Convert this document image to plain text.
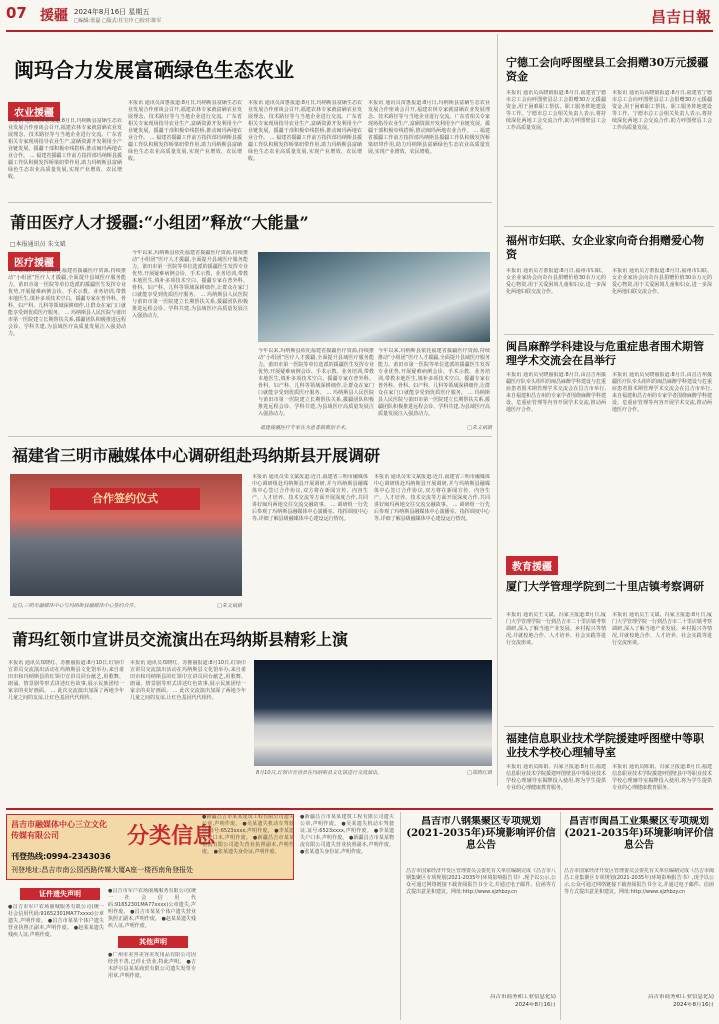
07 援疆 2024年8月16日 星期五
□编辑:张磊 □版式:任宝玲 □校对:陈军	昌吉日報
闽玛合力发展富硒绿色生态农业
农业援疆
本报讯 通讯员苗惠报道:8月日,玛纳斯县富硒生态农业发展合作座谈会召开,福建农林专家就富硒农业发展理念、技术路径等与当地企业进行交流。广东省相关专家现场指导农业生产,富硒资源开发利用全产业链发展。援疆干部积极牵线搭桥,推动闽玛两地农业合作。 ... 福建省援疆工作前方指挥部玛纳斯县援疆工作队积极发挥桥梁纽带作用,助力玛纳斯县富硒绿色生态农业高质量发展,实现产业增效、农民增收。
本报讯 通讯员苗惠报道:8月日,玛纳斯县富硒生态农业发展合作座谈会召开,福建农林专家就富硒农业发展理念、技术路径等与当地企业进行交流。广东省相关专家现场指导农业生产,富硒资源开发利用全产业链发展。援疆干部积极牵线搭桥,推动闽玛两地农业合作。 ... 福建省援疆工作前方指挥部玛纳斯县援疆工作队积极发挥桥梁纽带作用,助力玛纳斯县富硒绿色生态农业高质量发展,实现产业增效、农民增收。
本报讯 通讯员苗惠报道:8月日,玛纳斯县富硒生态农业发展合作座谈会召开,福建农林专家就富硒农业发展理念、技术路径等与当地企业进行交流。广东省相关专家现场指导农业生产,富硒资源开发利用全产业链发展。援疆干部积极牵线搭桥,推动闽玛两地农业合作。 ... 福建省援疆工作前方指挥部玛纳斯县援疆工作队积极发挥桥梁纽带作用,助力玛纳斯县富硒绿色生态农业高质量发展,实现产业增效、农民增收。
本报讯 通讯员苗惠报道:8月日,玛纳斯县富硒生态农业发展合作座谈会召开,福建农林专家就富硒农业发展理念、技术路径等与当地企业进行交流。广东省相关专家现场指导农业生产,富硒资源开发利用全产业链发展。援疆干部积极牵线搭桥,推动闽玛两地农业合作。 ... 福建省援疆工作前方指挥部玛纳斯县援疆工作队积极发挥桥梁纽带作用,助力玛纳斯县富硒绿色生态农业高质量发展,实现产业增效、农民增收。
莆田医疗人才援疆:“小组团”释放“大能量”
□本报通讯员 朱文斌
医疗援疆
今年以来,玛纳斯县依托福建省援疆医疗资源,持续推动“小组团”医疗人才援疆,全面提升县域医疗服务能力。莆田市第一医院等单位选派的援疆医生发挥专业优势,开展疑难病例会诊、手术示教、业务培训,带教本地医生,填补多项技术空白。援疆专家在普外科、骨科、妇产科、儿科等领域深耕细作,让群众在家门口就能享受到优质医疗服务。 ... 玛纳斯县人民医院与莆田市第一医院建立长期帮扶关系,援疆团队积极推进远程会诊、学科共建,为县域医疗高质量发展注入强劲动力。
今年以来,玛纳斯县依托福建省援疆医疗资源,持续推动“小组团”医疗人才援疆,全面提升县域医疗服务能力。莆田市第一医院等单位选派的援疆医生发挥专业优势,开展疑难病例会诊、手术示教、业务培训,带教本地医生,填补多项技术空白。援疆专家在普外科、骨科、妇产科、儿科等领域深耕细作,让群众在家门口就能享受到优质医疗服务。 ... 玛纳斯县人民医院与莆田市第一医院建立长期帮扶关系,援疆团队积极推进远程会诊、学科共建,为县域医疗高质量发展注入强劲动力。
今年以来,玛纳斯县依托福建省援疆医疗资源,持续推动“小组团”医疗人才援疆,全面提升县域医疗服务能力。莆田市第一医院等单位选派的援疆医生发挥专业优势,开展疑难病例会诊、手术示教、业务培训,带教本地医生,填补多项技术空白。援疆专家在普外科、骨科、妇产科、儿科等领域深耕细作,让群众在家门口就能享受到优质医疗服务。 ... 玛纳斯县人民医院与莆田市第一医院建立长期帮扶关系,援疆团队积极推进远程会诊、学科共建,为县域医疗高质量发展注入强劲动力。
今年以来,玛纳斯县依托福建省援疆医疗资源,持续推动“小组团”医疗人才援疆,全面提升县域医疗服务能力。莆田市第一医院等单位选派的援疆医生发挥专业优势,开展疑难病例会诊、手术示教、业务培训,带教本地医生,填补多项技术空白。援疆专家在普外科、骨科、妇产科、儿科等领域深耕细作,让群众在家门口就能享受到优质医疗服务。 ... 玛纳斯县人民医院与莆田市第一医院建立长期帮扶关系,援疆团队积极推进远程会诊、学科共建,为县域医疗高质量发展注入强劲动力。
福建援疆医疗专家在为患者做微创手术。	□朱文斌摄
福建省三明市融媒体中心调研组赴玛纳斯县开展调研
合作签约仪式
近日,三明市融媒体中心与玛纳斯县融媒体中心签约合作。	□朱文斌摄
本报讯 通讯员朱文斌报道:近日,福建省三明市融媒体中心调研组赴玛纳斯县开展调研,并与玛纳斯县融媒体中心签订合作协议,双方将在新闻宣传、内容生产、人才培养、技术交流等方面开展深度合作,共同讲好闽玛两地交往交流交融故事。 ... 调研组一行先后参观了玛纳斯县融媒体中心演播室、指挥调度中心等,详细了解县级融媒体中心建设运行情况。
本报讯 通讯员朱文斌报道:近日,福建省三明市融媒体中心调研组赴玛纳斯县开展调研,并与玛纳斯县融媒体中心签订合作协议,双方将在新闻宣传、内容生产、人才培养、技术交流等方面开展深度合作,共同讲好闽玛两地交往交流交融故事。 ... 调研组一行先后参观了玛纳斯县融媒体中心演播室、指挥调度中心等,详细了解县级融媒体中心建设运行情况。
莆玛红领巾宣讲员交流演出在玛纳斯县精彩上演
本报讯 通讯员郑晓红、苏雅丽报道:8月10日,红领巾宣讲员交流演出活动在玛纳斯县文化馆举办,来自莆田市和玛纳斯县的红领巾宣讲员同台献艺,用歌舞、朗诵、情景剧等形式讲述红色故事,展示民族团结一家亲的美好画面。 ... 此次交流演出加深了两地少年儿童之间的友谊,让红色基因代代相传。
本报讯 通讯员郑晓红、苏雅丽报道:8月10日,红领巾宣讲员交流演出活动在玛纳斯县文化馆举办,来自莆田市和玛纳斯县的红领巾宣讲员同台献艺,用歌舞、朗诵、情景剧等形式讲述红色故事,展示民族团结一家亲的美好画面。 ... 此次交流演出加深了两地少年儿童之间的友谊,让红色基因代代相传。
8月10日,红领巾宣讲员在玛纳斯县文化馆进行交流演出。	□郑晓红摄
宁德工会向呼图壁县工会捐赠30万元援疆资金
本报讯 通讯员高晓娟报道:8月日,福建省宁德市总工会向呼图壁县总工会捐赠30万元援疆资金,用于困难职工帮扶、职工服务阵地建设等工作。宁德市总工会相关负责人表示,将持续深化两地工会交流合作,助力呼图壁县工会工作高质量发展。
本报讯 通讯员高晓娟报道:8月日,福建省宁德市总工会向呼图壁县总工会捐赠30万元援疆资金,用于困难职工帮扶、职工服务阵地建设等工作。宁德市总工会相关负责人表示,将持续深化两地工会交流合作,助力呼图壁县工会工作高质量发展。
福州市妇联、女企业家向奇台捐赠爱心物资
本报讯 通讯员方蕾报道:8月日,福州市妇联、女企业家协会向奇台县捐赠价值30余万元的爱心物资,用于关爱困境儿童和妇女,进一步深化两地妇联交流合作。
本报讯 通讯员方蕾报道:8月日,福州市妇联、女企业家协会向奇台县捐赠价值30余万元的爱心物资,用于关爱困境儿童和妇女,进一步深化两地妇联交流合作。
闽昌麻醉学科建设与危重症患者围术期管理学术交流会在昌举行
本报讯 通讯员吴晓丽报道:8月日,由昌吉州援疆医疗队牵头组织的闽昌麻醉学科建设与危重症患者围术期管理学术交流会在昌吉市举行,来自福建和昌吉州的专家学者围绕麻醉学科建设、危重症管理等内容开展学术交流,推动两地医疗合作。
本报讯 通讯员吴晓丽报道:8月日,由昌吉州援疆医疗队牵头组织的闽昌麻醉学科建设与危重症患者围术期管理学术交流会在昌吉市举行,来自福建和昌吉州的专家学者围绕麻醉学科建设、危重症管理等内容开展学术交流,推动两地医疗合作。
教育援疆
厦门大学管理学院到二十里店镇考察调研
本报讯 通讯员王文斌、冯家卫报道:8月日,厦门大学管理学院一行到昌吉市二十里店镇考察调研,深入了解当地产业发展、乡村振兴等情况,并就校地合作、人才培养、社会实践等进行交流座谈。
本报讯 通讯员王文斌、冯家卫报道:8月日,厦门大学管理学院一行到昌吉市二十里店镇考察调研,深入了解当地产业发展、乡村振兴等情况,并就校地合作、人才培养、社会实践等进行交流座谈。
福建信息职业技术学院援建呼图壁中等职业技术学校心理辅导室
本报讯 通讯员陈娟、冯家卫报道:8月日,福建信息职业技术学院援建呼图壁县中等职业技术学校心理辅导室揭牌投入使用,将为学生提供专业的心理健康教育服务。
本报讯 通讯员陈娟、冯家卫报道:8月日,福建信息职业技术学院援建呼图壁县中等职业技术学校心理辅导室揭牌投入使用,将为学生提供专业的心理健康教育服务。
昌吉市融媒体中心三立文化传媒有限公司	分类信息
刊登热线:0994-2343036
刊登地址:昌吉市南公园西路传媒大厦A座一楼西南角登报处
证件遗失声明
●昌吉市军户农场丽城服务有限公司(统一社会信用代码:91652301MA77xxxx)公章遗失,声明作废。 ●昌吉市某某个体户遗失营业执照正副本,声明作废。 ●赵某某遗失残疾人证,声明作废。
●昌吉市军户农场丽城服务有限公司(统一社会信用代码:91652301MA77xxxx)公章遗失,声明作废。 ●昌吉市某某个体户遗失营业执照正副本,声明作废。 ●赵某某遗失残疾人证,声明作废。
其他声明
●广州市美容美容美发用品有限公司因经营不善,已停止营业,特此声明。 ●吉木萨尔县某某商贸有限公司遗失发票专用章,声明作废。
●新疆昌吉市某某建筑工程有限公司遗失公章,声明作废。 ●吴某遗失机动车驾驶证,证号:6523xxxx,声明作废。 ●李某遗失户口本,声明作废。 ●新疆昌吉市某某物流有限公司遗失营业执照副本,声明作废。 ●张某遗失身份证,声明作废。
●新疆昌吉市某某建筑工程有限公司遗失公章,声明作废。 ●吴某遗失机动车驾驶证,证号:6523xxxx,声明作废。 ●李某遗失户口本,声明作废。 ●新疆昌吉市某某物流有限公司遗失营业执照副本,声明作废。 ●张某遗失身份证,声明作废。
昌吉市八钢集聚区专项规划(2021-2035年)环境影响评价信息公告
昌吉市国家经济开发区管理委员会委托有关单位编制完成《昌吉市八钢集聚区专项规划(2021-2035年)环境影响报告书》,现予以公示,公众可通过网络链接下载查阅报告书全文,并通过电子邮件、信函等方式提出意见和建议。网址:http://www.xjzhbzy.cn
昌吉市商务和工业信息化局
2024年8月16日
昌吉市闽昌工业集聚区专项规划(2021-2035年)环境影响评价信息公告
昌吉市国家经济开发区管理委员会委托有关单位编制完成《昌吉市闽昌工业集聚区专项规划(2021-2035年)环境影响报告书》,现予以公示,公众可通过网络链接下载查阅报告书全文,并通过电子邮件、信函等方式提出意见和建议。网址:http://www.xjzhbzy.cn
昌吉市商务和工业信息化局
2024年8月16日
